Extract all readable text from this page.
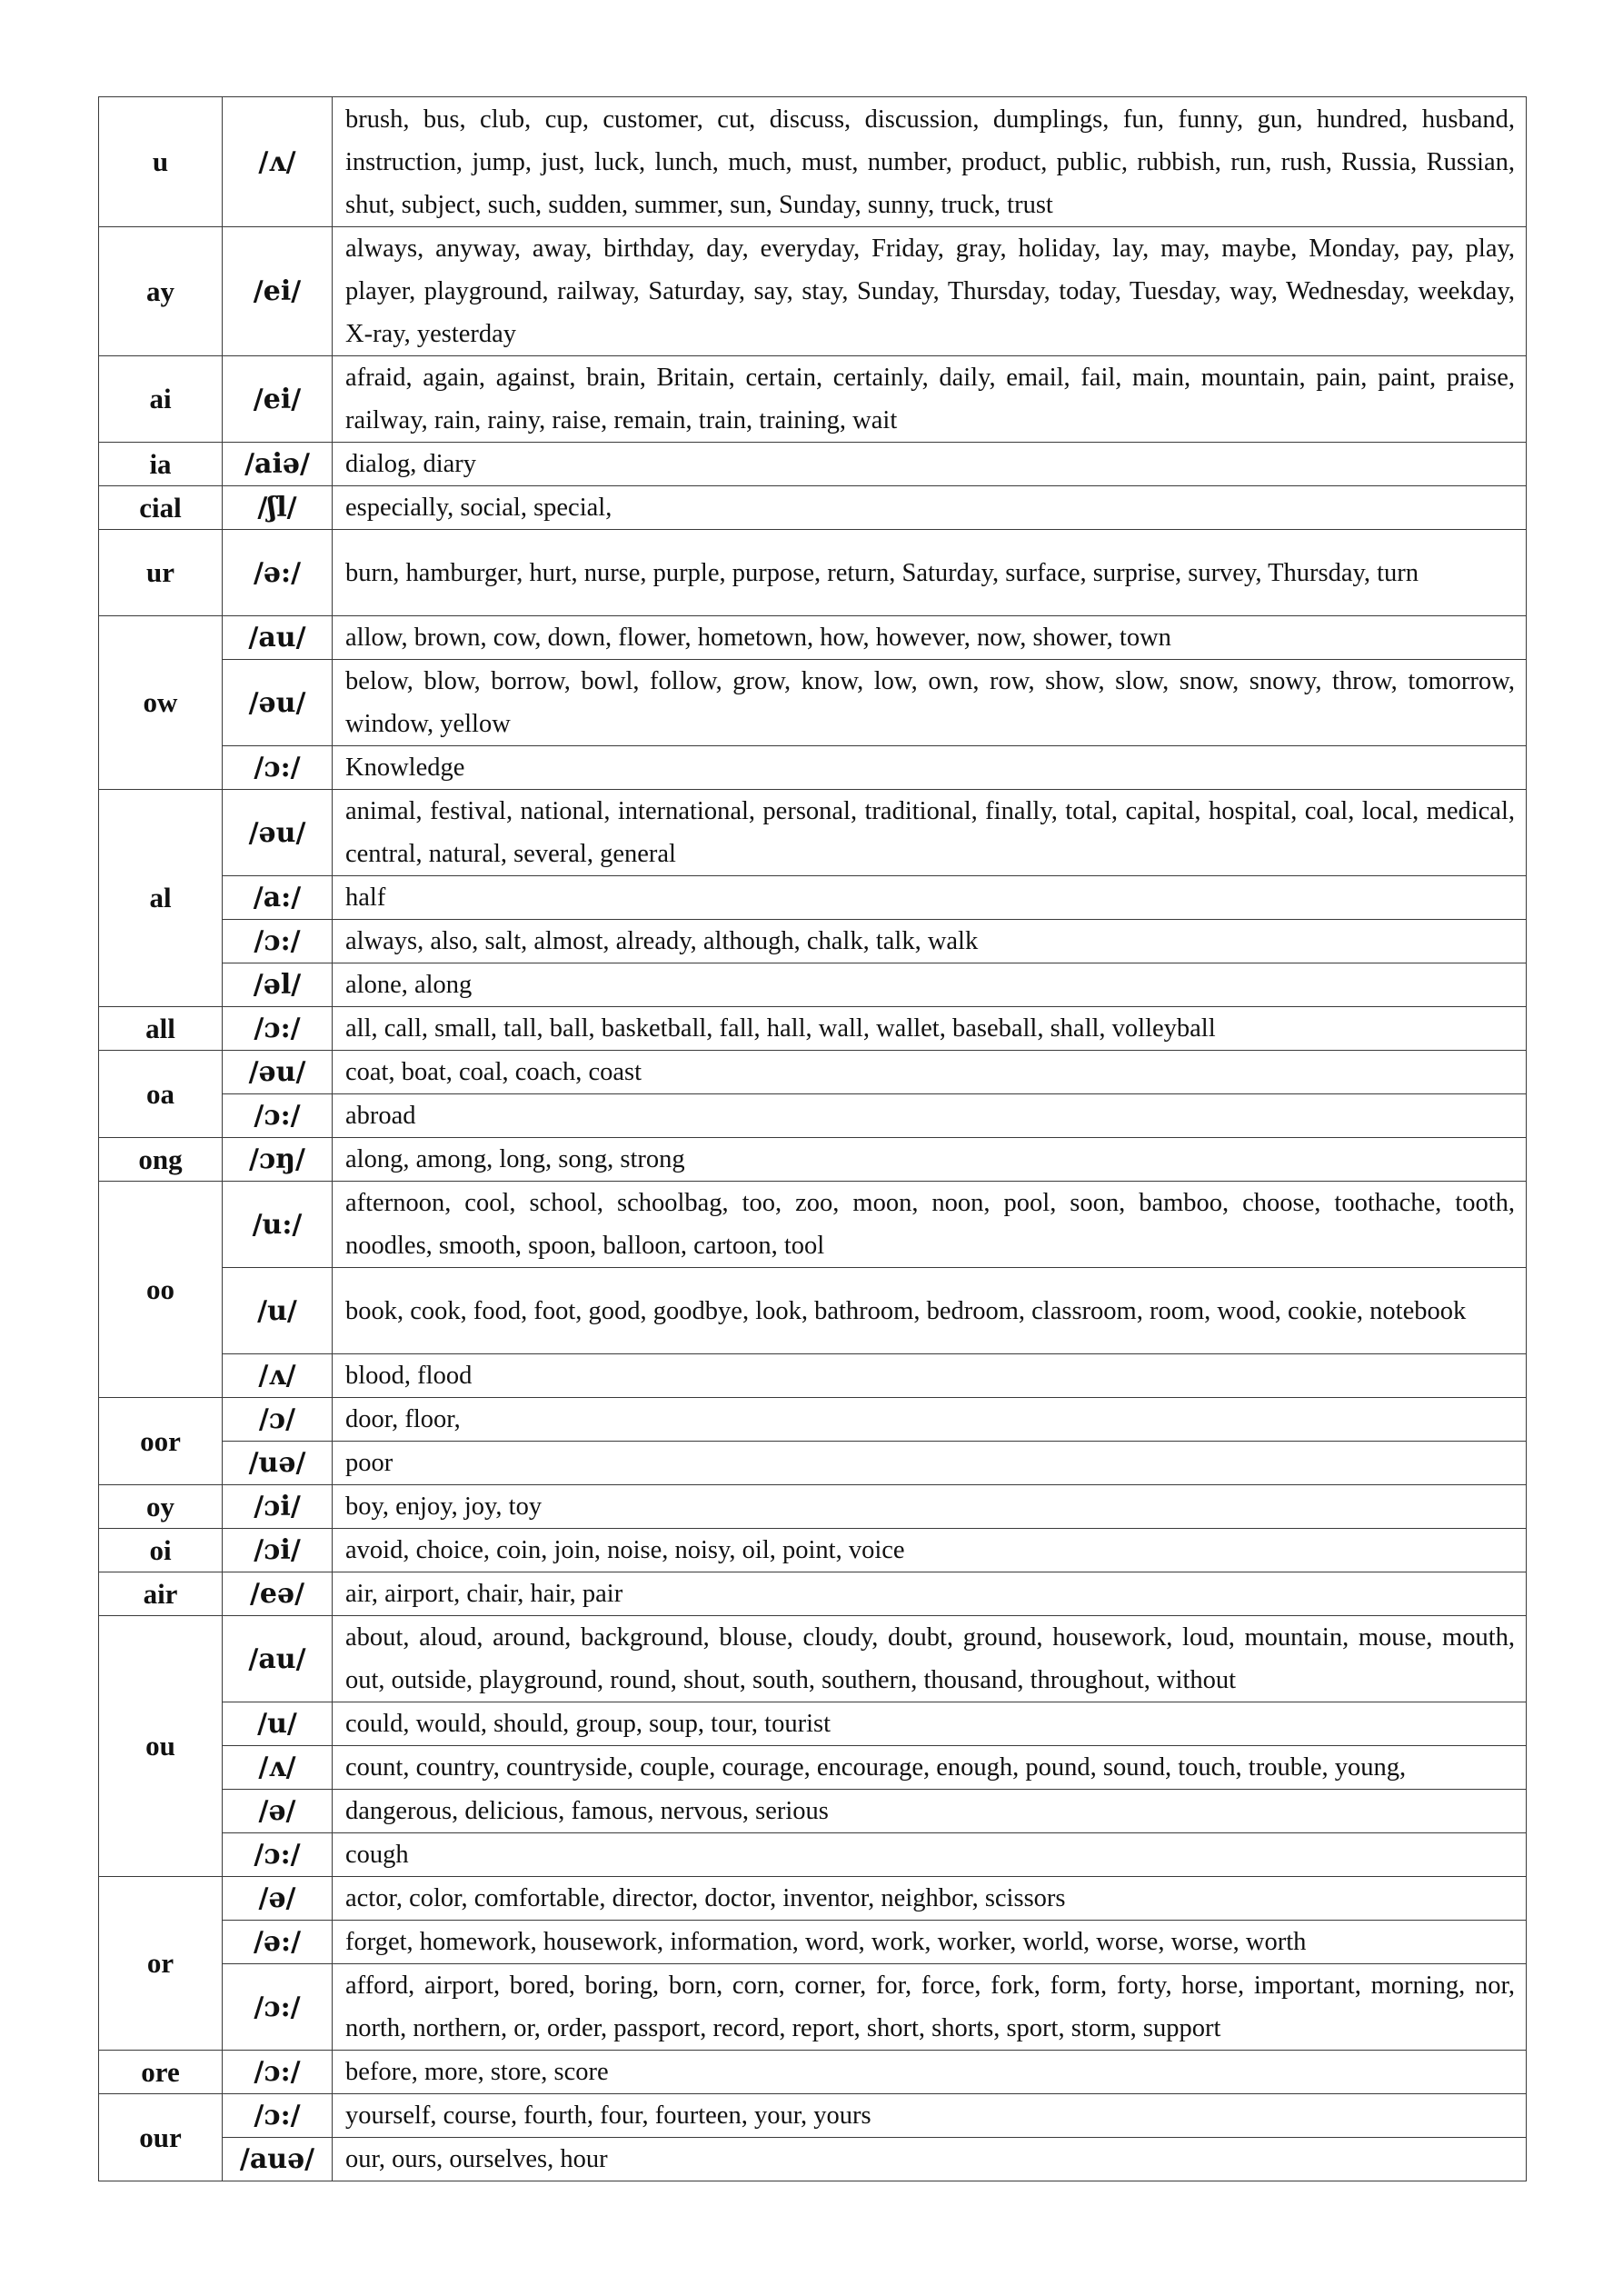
u	/ʌ/	brush, bus, club, cup, customer, cut, discuss, discussion, dumplings, fun, funny, gun, hundred, husband, instruction, jump, just, luck, lunch, much, must, number, product, public, rubbish, run, rush, Russia, Russian, shut, subject, such, sudden, summer, sun, Sunday, sunny, truck, trust
ay	/ei/	always, anyway, away, birthday, day, everyday, Friday, gray, holiday, lay, may, maybe, Monday, pay, play, player, playground, railway, Saturday, say, stay, Sunday, Thursday, today, Tuesday, way, Wednesday, weekday, X-ray, yesterday
ai	/ei/	afraid, again, against, brain, Britain, certain, certainly, daily, email, fail, main, mountain, pain, paint, praise, railway, rain, rainy, raise, remain, train, training, wait
ia	/aiə/	dialog, diary
cial	/ʃl/	especially, social, special,
ur	/ə:/	burn, hamburger, hurt, nurse, purple, purpose, return, Saturday, surface, surprise, survey, Thursday, turn
ow	/au/	allow, brown, cow, down, flower, hometown, how, however, now, shower, town
	/əu/	below, blow, borrow, bowl, follow, grow, know, low, own, row, show, slow, snow, snowy, throw, tomorrow, window, yellow
	/ɔ:/	Knowledge
al	/əu/	animal, festival, national, international, personal, traditional, finally, total, capital, hospital, coal, local, medical, central, natural, several, general
	/a:/	half
	/ɔ:/	always, also, salt, almost, already, although, chalk, talk, walk
	/əl/	alone, along
all	/ɔ:/	all, call, small, tall, ball, basketball, fall, hall, wall, wallet, baseball, shall, volleyball
oa	/əu/	coat, boat, coal, coach, coast
	/ɔ:/	abroad
ong	/ɔŋ/	along, among, long, song, strong
oo	/u:/	afternoon, cool, school, schoolbag, too, zoo, moon, noon, pool, soon, bamboo, choose, toothache, tooth, noodles, smooth, spoon, balloon, cartoon, tool
	/u/	book, cook, food, foot, good, goodbye, look, bathroom, bedroom, classroom, room, wood, cookie, notebook
	/ʌ/	blood, flood
oor	/ɔ/	door, floor,
	/uə/	poor
oy	/ɔi/	boy, enjoy, joy, toy
oi	/ɔi/	avoid, choice, coin, join, noise, noisy, oil, point, voice
air	/eə/	air, airport, chair, hair, pair
ou	/au/	about, aloud, around, background, blouse, cloudy, doubt, ground, housework, loud, mountain, mouse, mouth, out, outside, playground, round, shout, south, southern, thousand, throughout, without
	/u/	could, would, should, group, soup, tour, tourist
	/ʌ/	count, country, countryside, couple, courage, encourage, enough, pound, sound, touch, trouble, young,
	/ə/	dangerous, delicious, famous, nervous, serious
	/ɔ:/	cough
or	/ə/	actor, color, comfortable, director, doctor, inventor, neighbor, scissors
	/ə:/	forget, homework, housework, information, word, work, worker, world, worse, worse, worth
	/ɔ:/	afford, airport, bored, boring, born, corn, corner, for, force, fork, form, forty, horse, important, morning, nor, north, northern, or, order, passport, record, report, short, shorts, sport, storm, support
ore	/ɔ:/	before, more, store, score
our	/ɔ:/	yourself, course, fourth, four, fourteen, your, yours
	/auə/	our, ours, ourselves, hour
